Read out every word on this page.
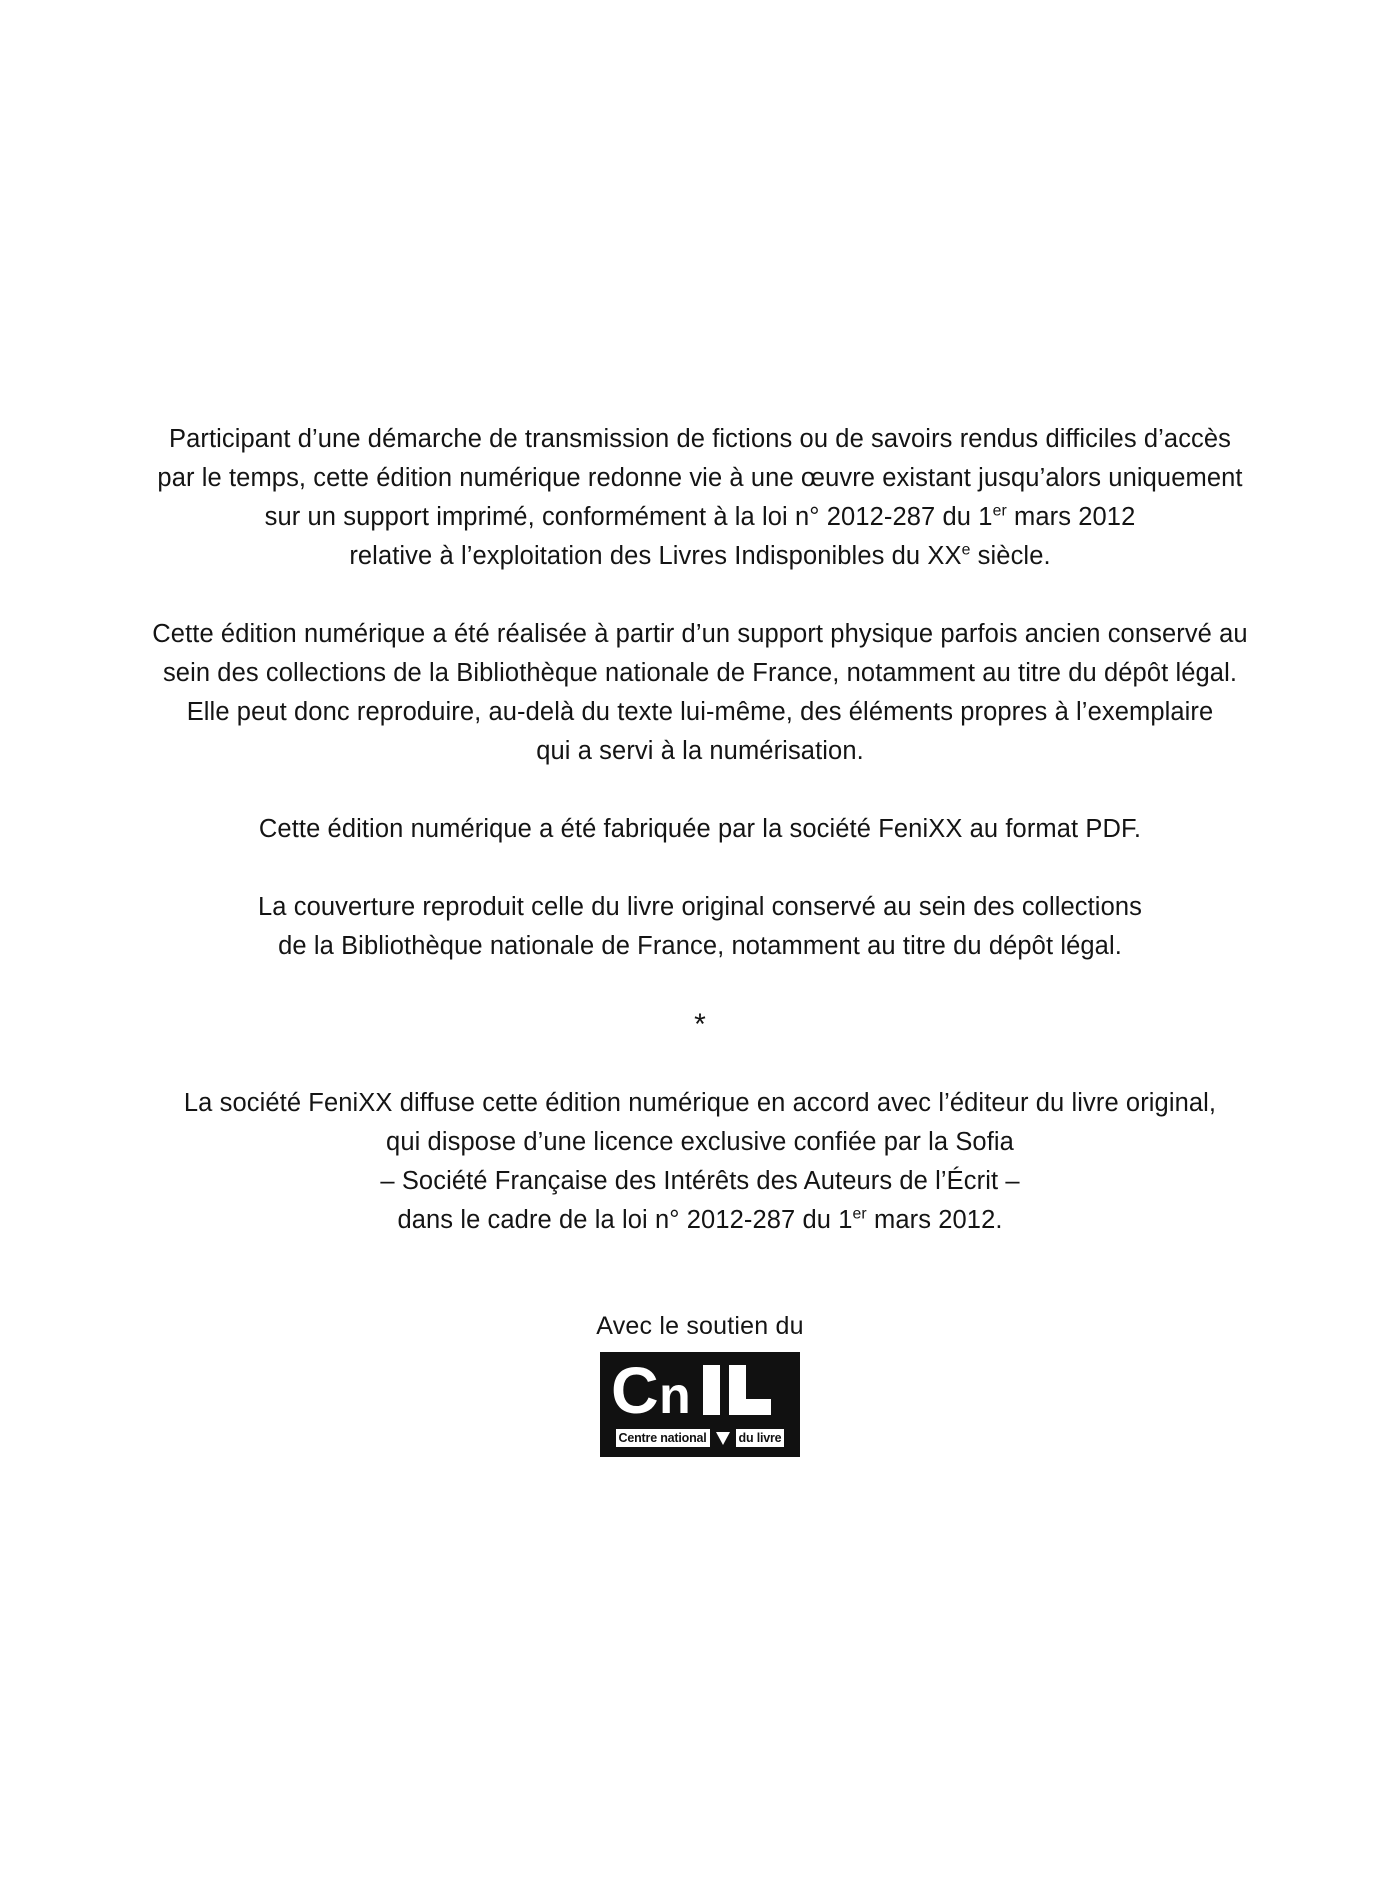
Participant d’une démarche de transmission de fictions ou de savoirs rendus difficiles d’accès
par le temps, cette édition numérique redonne vie à une œuvre existant jusqu’alors uniquement
sur un support imprimé, conformément à la loi n° 2012-287 du 1er mars 2012
relative à l’exploitation des Livres Indisponibles du XXe siècle.
Cette édition numérique a été réalisée à partir d’un support physique parfois ancien conservé au
sein des collections de la Bibliothèque nationale de France, notamment au titre du dépôt légal.
Elle peut donc reproduire, au-delà du texte lui-même, des éléments propres à l’exemplaire
qui a servi à la numérisation.
Cette édition numérique a été fabriquée par la société FeniXX au format PDF.
La couverture reproduit celle du livre original conservé au sein des collections
de la Bibliothèque nationale de France, notamment au titre du dépôt légal.
*
La société FeniXX diffuse cette édition numérique en accord avec l’éditeur du livre original,
qui dispose d’une licence exclusive confiée par la Sofia
– Société Française des Intérêts des Auteurs de l’Écrit –
dans le cadre de la loi n° 2012-287 du 1er mars 2012.
Avec le soutien du
C n
Centre national	du livre
